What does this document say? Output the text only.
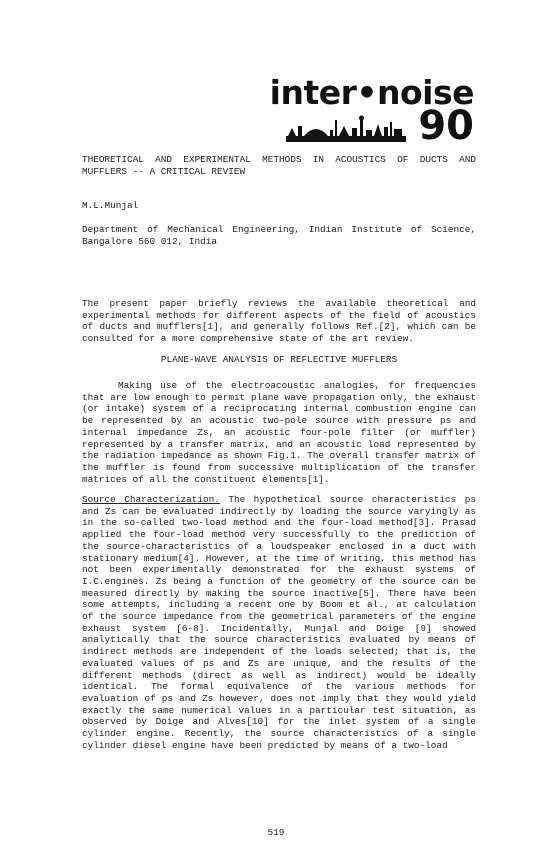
inter•noise
90
THEORETICAL AND EXPERIMENTAL METHODS IN ACOUSTICS OF DUCTS AND MUFFLERS -- A CRITICAL REVIEW
M.L.Munjal
Department of Mechanical Engineering, Indian Institute of Science, Bangalore 560 012, India
The present paper briefly reviews the available theoretical and experimental methods for different aspects of the field of acoustics of ducts and mufflers[1], and generally follows Ref.[2], which can be consulted for a more comprehensive state of the art review.
PLANE-WAVE ANALYSIS OF REFLECTIVE MUFFLERS
Making use of the electroacoustic analogies, for frequencies that are low enough to permit plane wave propagation only, the exhaust (or intake) system of a reciprocating internal combustion engine can be represented by an acoustic two-pole source with pressure ps and internal impedance Zs, an acoustic four-pole filter (or muffler) represented by a transfer matrix, and an acoustic load represented by the radiation impedance as shown Fig.1. The overall transfer matrix of the muffler is found from successive multiplication of the transfer matrices of all the constituent elements[1].
Source Characterization. The hypothetical source characteristics ps and Zs can be evaluated indirectly by loading the source varyingly as in the so-called two-load method and the four-load method[3]. Prasad applied the four-load method very successfully to the prediction of the source-characteristics of a loudspeaker enclosed in a duct with stationary medium[4]. However, at the time of writing, this method has not been experimentally demonstrated for the exhaust systems of I.C.engines. Zs being a function of the geometry of the source can be measured directly by making the source inactive[5]. There have been some attempts, including a recent one by Boom et al., at calculation of the source impedance from the geometrical parameters of the engine exhaust system [6-8]. Incidentally, Munjal and Doige [9] showed analytically that the source characteristics evaluated by means of indirect methods are independent of the loads selected; that is, the evaluated values of ps and Zs are unique, and the results of the different methods (direct as well as indirect) would be ideally identical. The formal equivalence of the various methods for evaluation of ps and Zs however, does not imply that they would yield exactly the same numerical values in a particular test situation, as observed by Doige and Alves[10] for the inlet system of a single cylinder engine. Recently, the source characteristics of a single cylinder diesel engine have been predicted by means of a two-load
519
